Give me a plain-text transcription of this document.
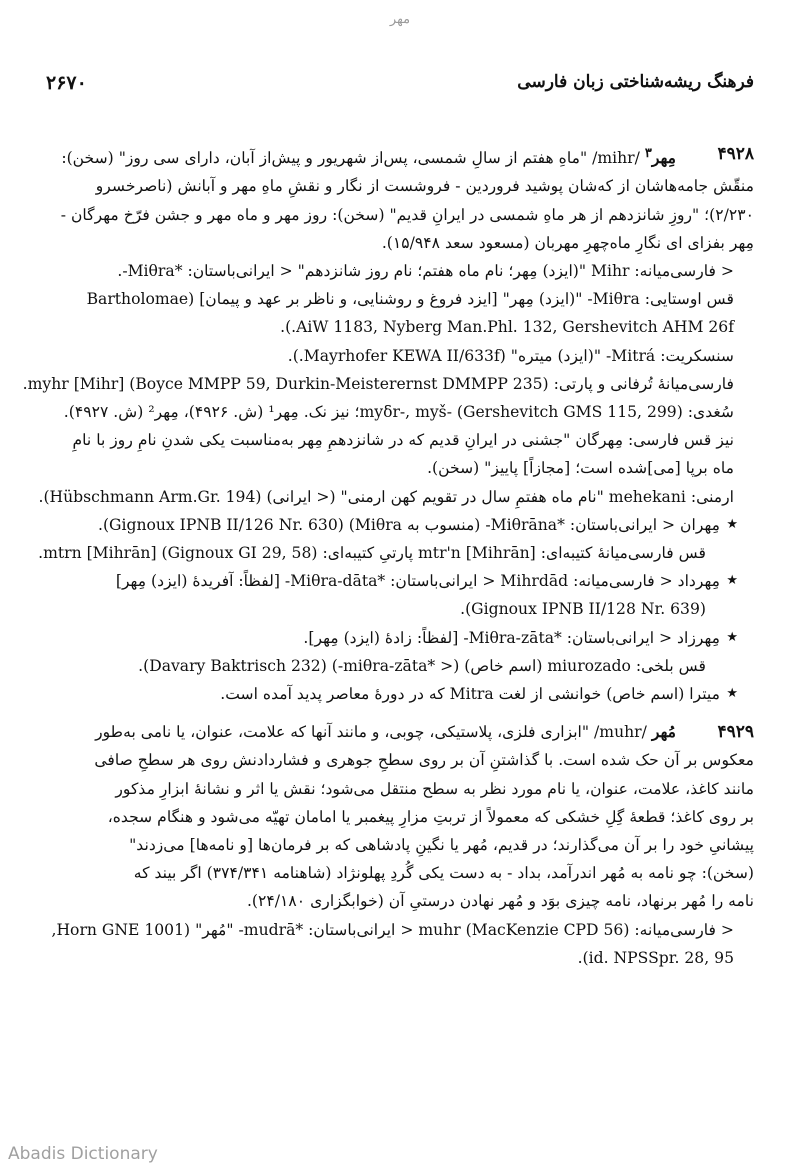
مهر
فرهنگ ریشه‌شناختی زبان فارسی
۲۶۷۰
۴۹۲۸
مِهر$^۳$ /mihr/ "ماهِ هفتم از سالِ شمسی، پس‌از شهریور و پیش‌از آبان، دارای سی روز" (سخن):
منقّش جامه‌هاشان از که‌شان پوشید فروردین - فروشست از نگار و نقشِ ماهِ مهر و آبانش (ناصرخسرو
۲/۲۳۰)؛ "روزِ شانزدهم از هر ماهِ شمسی در ایرانِ قدیم" (سخن): روز مهر و ماه مهر و جشن فرّخ مهرگان -
مِهر بفزای ای نگارِ ماه‌چهرِ مهربان (مسعود سعد ۱۵/۹۴۸).
< فارسی‌میانه: Mihr "(ایزد) مِهر؛ نام ماه هفتم؛ نام روز شانزدهم" < ایرانی‌باستان: *Miθra-.
قس اوستایی: Miθra- "(ایزد) مِهر" [ایزد فروغ و روشنایی، و ناظر بر عهد و پیمان] (Bartholomae
AiW 1183, Nyberg Man.Phl. 132, Gershevitch AHM 26f.).
سنسکریت: Mitrá- "(ایزد) میتره" (Mayrhofer KEWA II/633f.).
فارسی‌میانهٔ تُرفانی و پارتی: myhr [Mihr] (Boyce MMPP 59, Durkin-Meisterernst DMMPP 235).
سُغدی: myδr-, myš- (Gershevitch GMS 115, 299)؛ نیز نک. مِهر¹ (ش. ۴۹۲۶)، مِهر² (ش. ۴۹۲۷).
نیز قس فارسی: مِهرگان "جشنی در ایرانِ قدیم که در شانزدهمِ مِهر به‌مناسبت یکی شدنِ نامِ روز با نامِ
ماه برپا [می]شده است؛ [مجازاً] پاییز" (سخن).
ارمنی: mehekani "نام ماه هفتمِ سال در تقویم کهن ارمنی" (< ایرانی) (Hübschmann Arm.Gr. 194).
★
مِهران < ایرانی‌باستان: *Miθrāna- (منسوب به Miθra) (Gignoux IPNB II/126 Nr. 630).
قس فارسی‌میانهٔ کتیبه‌ای: mtr'n [Mihrān] پارتیِ کتیبه‌ای: mtrn [Mihrān] (Gignoux GI 29, 58).
★
مِهرداد < فارسی‌میانه: Mihrdād < ایرانی‌باستان: *Miθra-dāta- [لفظاً: آفریدهٔ (ایزد) مِهر]
(Gignoux IPNB II/128 Nr. 639).
★
مِهرزاد < ایرانی‌باستان: *Miθra-zāta- [لفظاً: زادهٔ (ایزد) مِهر].
قس بلخی: miurozado (اسم خاص) (< *miθra-zāta-) (Davary Baktrisch 232).
★
میترا (اسم خاص) خوانشی از لغت Mitra که در دورهٔ معاصر پدید آمده است.
۴۹۲۹
مُهر /muhr/ "ابزاری فلزی، پلاستیکی، چوبی، و مانند آنها که علامت، عنوان، یا نامی به‌طور
معکوس بر آن حک شده است. با گذاشتنِ آن بر روی سطحِ جوهری و فشاردادنش روی هر سطحِ صافی
مانند کاغذ، علامت، عنوان، یا نام مورد نظر به سطح منتقل می‌شود؛ نقش یا اثر و نشانهٔ ابزارِ مذکور
بر روی کاغذ؛ قطعهٔ گِلِ خشکی که معمولاً از تربتِ مزارِ پیغمبر یا امامان تهیّه می‌شود و هنگام سجده،
پیشانیِ خود را بر آن می‌گذارند؛ در قدیم، مُهر یا نگینِ پادشاهی که بر فرمان‌ها [و نامه‌ها] می‌زدند"
(سخن): چو نامه به مُهر اندرآمد، بداد - به دست یکی گُردِ پهلونژاد (شاهنامه ۳۷۴/۳۴۱) اگر بیند که
نامه را مُهر برنهاد، نامه چیزی بوَد و مُهر نهادن درستیِ آن (خوابگزاری ۲۴/۱۸۰).
< فارسی‌میانه: muhr (MacKenzie CPD 56) < ایرانی‌باستان: *mudrā- "مُهر" (Horn GNE 1001,
id. NPSSpr. 28, 95).
Abadis Dictionary
